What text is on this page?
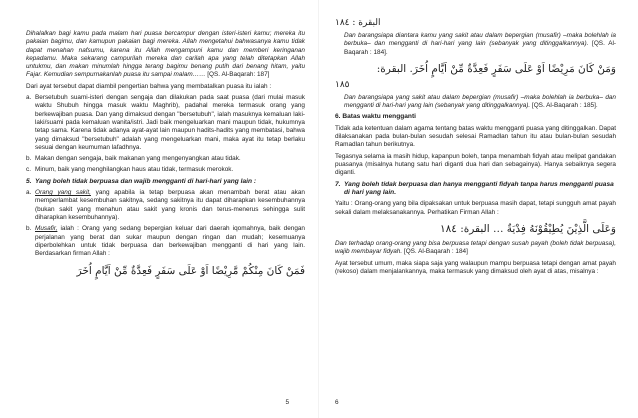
Dihalalkan bagi kamu pada malam hari puasa bercampur dengan isteri-isteri kamu; mereka itu pakaian bagimu, dan kamupun pakaian bagi mereka. Allah mengetahui bahwasanya kamu tidak dapat menahan nafsumu, karena itu Allah mengampuni kamu dan memberi keringanan kepadamu. Maka sekarang campurilah mereka dan carilah apa yang telah ditetapkan Allah untukmu, dan makan minumlah hingga terang bagimu benang putih dari benang hitam, yaitu Fajar. Kemudian sempurnakanlah puasa itu sampai malam…… [QS. Al-Baqarah: 187]

Dari ayat tersebut dapat diambil pengertian bahwa yang membatalkan puasa itu ialah :

a. Bersetubuh suami-isteri dengan sengaja dan dilakukan pada saat puasa (dari mulai masuk waktu Shubuh hingga masuk waktu Maghrib), padahal mereka termasuk orang yang berkewajiban puasa. Dan yang dimaksud dengan "bersetubuh", ialah masuknya kemaluan laki-laki/suami pada kemaluan wanita/istri. Jadi baik mengeluarkan mani maupun tidak, hukumnya tetap sama. Karena tidak adanya ayat-ayat lain maupun hadits-hadits yang membatasi, bahwa yang dimaksud "bersetubuh" adalah yang mengeluarkan mani, maka ayat itu tetap berlaku sesuai dengan keumuman lafadhnya.
b. Makan dengan sengaja, baik makanan yang mengenyangkan atau tidak.
c. Minum, baik yang menghilangkan haus atau tidak, termasuk merokok.
5. Yang boleh tidak berpuasa dan wajib mengganti di hari-hari yang lain :
a. Orang yang sakit, yang apabila ia tetap berpuasa akan menambah berat atau akan memperlambat kesembuhan sakitnya, sedang sakitnya itu dapat diharapkan kesembuhannya (bukan sakit yang menahun atau sakit yang kronis dan terus-menerus sehingga sulit diharapkan kesembuhannya).
b. Musafir, ialah : Orang yang sedang bepergian keluar dari daerah iqomahnya, baik dengan perjalanan yang berat dan sukar maupun dengan ringan dan mudah; kesemuanya diperbolehkan untuk tidak berpuasa dan berkewajiban mengganti di hari yang lain. Berdasarkan firman Allah :
فَمَنْ كَانَ مِنْكُمْ مَّرِيْضًا اَوْ عَلَى سَفَرٍ فَعِدَّةٌ مِّنْ اَيَّامٍ اُخَرَ
5
البقرة : ١٨٤

Dan barangsiapa diantara kamu yang sakit atau dalam bepergian (musafir) –maka bolehlah ia berbuka– dan mengganti di hari-hari yang lain (sebanyak yang ditinggalkannya). [QS. Al-Baqarah : 184].

وَمَنْ كَانَ مَرِيْضًا اَوْ عَلَى سَفَرٍ فَعِدَّةٌ مِّنْ اَيَّامٍ اُخَرَ. البقرة:
١٨٥

Dan barangsiapa yang sakit atau dalam bepergian (musafir) –maka bolehlah ia berbuka– dan mengganti di hari-hari yang lain (sebanyak yang ditinggalkannya). [QS. Al-Baqarah : 185].

6. Batas waktu mengganti

Tidak ada ketentuan dalam agama tentang batas waktu mengganti puasa yang ditinggalkan. Dapat dilaksanakan pada bulan-bulan sesudah selesai Ramadlan tahun itu atau bulan-bulan sesudah Ramadlan tahun berikutnya.

Tegasnya selama ia masih hidup, kapanpun boleh, tanpa menambah fidyah atau melipat gandakan puasanya (misalnya hutang satu hari diganti dua hari dan sebagainya). Hanya sebaiknya segera diganti.

7. Yang boleh tidak berpuasa dan hanya mengganti fidyah tanpa harus mengganti puasa di hari yang lain.

Yaitu : Orang-orang yang bila dipaksakan untuk berpuasa masih dapat, tetapi sungguh amat payah sekali dalam melaksanakannya. Perhatikan Firman Allah :

وَعَلَى الَّذِيْنَ يُطِيْقُوْنَهُ فِدْيَةٌ … البقرة: ١٨٤

Dan terhadap orang-orang yang bisa berpuasa tetapi dengan susah payah (boleh tidak berpuasa), wajib membayar fidyah. [QS. Al-Baqarah : 184]

Ayat tersebut umum, maka siapa saja yang walaupun mampu berpuasa tetapi dengan amat payah (rekoso) dalam menjalankannya, maka termasuk yang dimaksud oleh ayat di atas, misalnya :

6
